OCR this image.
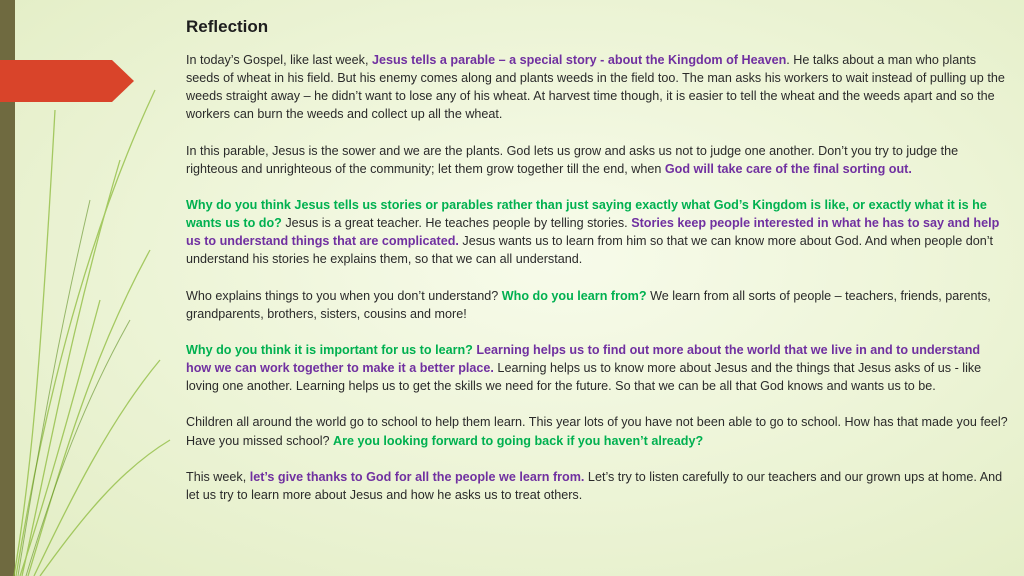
Reflection

In today’s Gospel, like last week, Jesus tells a parable – a special story - about the Kingdom of Heaven. He talks about a man who plants seeds of wheat in his field. But his enemy comes along and plants weeds in the field too. The man asks his workers to wait instead of pulling up the weeds straight away – he didn’t want to lose any of his wheat. At harvest time though, it is easier to tell the wheat and the weeds apart and so the workers can burn the weeds and collect up all the wheat.

In this parable, Jesus is the sower and we are the plants. God lets us grow and asks us not to judge one another. Don’t you try to judge the righteous and unrighteous of the community; let them grow together till the end, when God will take care of the final sorting out.

Why do you think Jesus tells us stories or parables rather than just saying exactly what God’s Kingdom is like, or exactly what it is he wants us to do? Jesus is a great teacher. He teaches people by telling stories. Stories keep people interested in what he has to say and help us to understand things that are complicated. Jesus wants us to learn from him so that we can know more about God. And when people don’t understand his stories he explains them, so that we can all understand.

Who explains things to you when you don’t understand? Who do you learn from? We learn from all sorts of people – teachers, friends, parents, grandparents, brothers, sisters, cousins and more!

Why do you think it is important for us to learn? Learning helps us to find out more about the world that we live in and to understand how we can work together to make it a better place. Learning helps us to know more about Jesus and the things that Jesus asks of us - like loving one another. Learning helps us to get the skills we need for the future. So that we can be all that God knows and wants us to be.

Children all around the world go to school to help them learn. This year lots of you have not been able to go to school. How has that made you feel? Have you missed school? Are you looking forward to going back if you haven’t already?

This week, let’s give thanks to God for all the people we learn from. Let’s try to listen carefully to our teachers and our grown ups at home. And let us try to learn more about Jesus and how he asks us to treat others.
